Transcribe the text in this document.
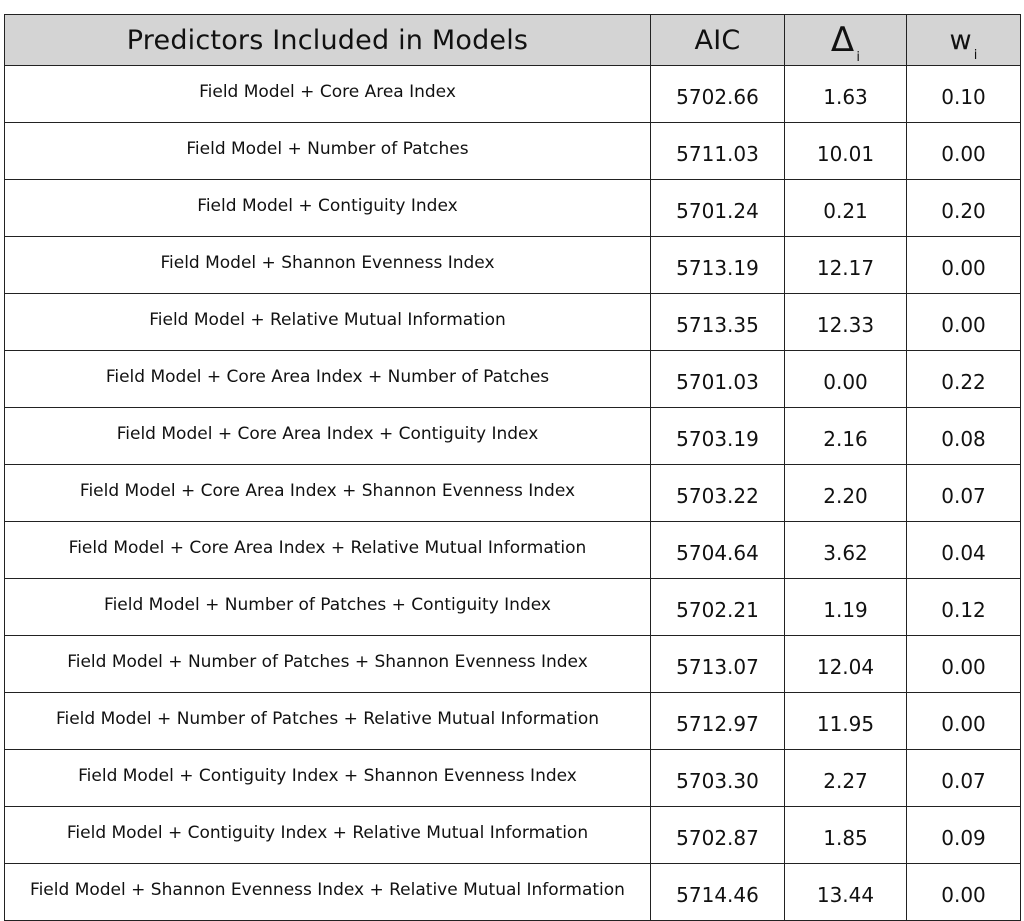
Predictors Included in Models	AIC	Δ $_i$	w $_i$
Field Model + Core Area Index	5702.66	1.63	0.10
Field Model + Number of Patches	5711.03	10.01	0.00
Field Model + Contiguity Index	5701.24	0.21	0.20
Field Model + Shannon Evenness Index	5713.19	12.17	0.00
Field Model + Relative Mutual Information	5713.35	12.33	0.00
Field Model + Core Area Index + Number of Patches	5701.03	0.00	0.22
Field Model + Core Area Index + Contiguity Index	5703.19	2.16	0.08
Field Model + Core Area Index + Shannon Evenness Index	5703.22	2.20	0.07
Field Model + Core Area Index + Relative Mutual Information	5704.64	3.62	0.04
Field Model + Number of Patches + Contiguity Index	5702.21	1.19	0.12
Field Model + Number of Patches + Shannon Evenness Index	5713.07	12.04	0.00
Field Model + Number of Patches + Relative Mutual Information	5712.97	11.95	0.00
Field Model + Contiguity Index + Shannon Evenness Index	5703.30	2.27	0.07
Field Model + Contiguity Index + Relative Mutual Information	5702.87	1.85	0.09
Field Model + Shannon Evenness Index + Relative Mutual Information	5714.46	13.44	0.00
